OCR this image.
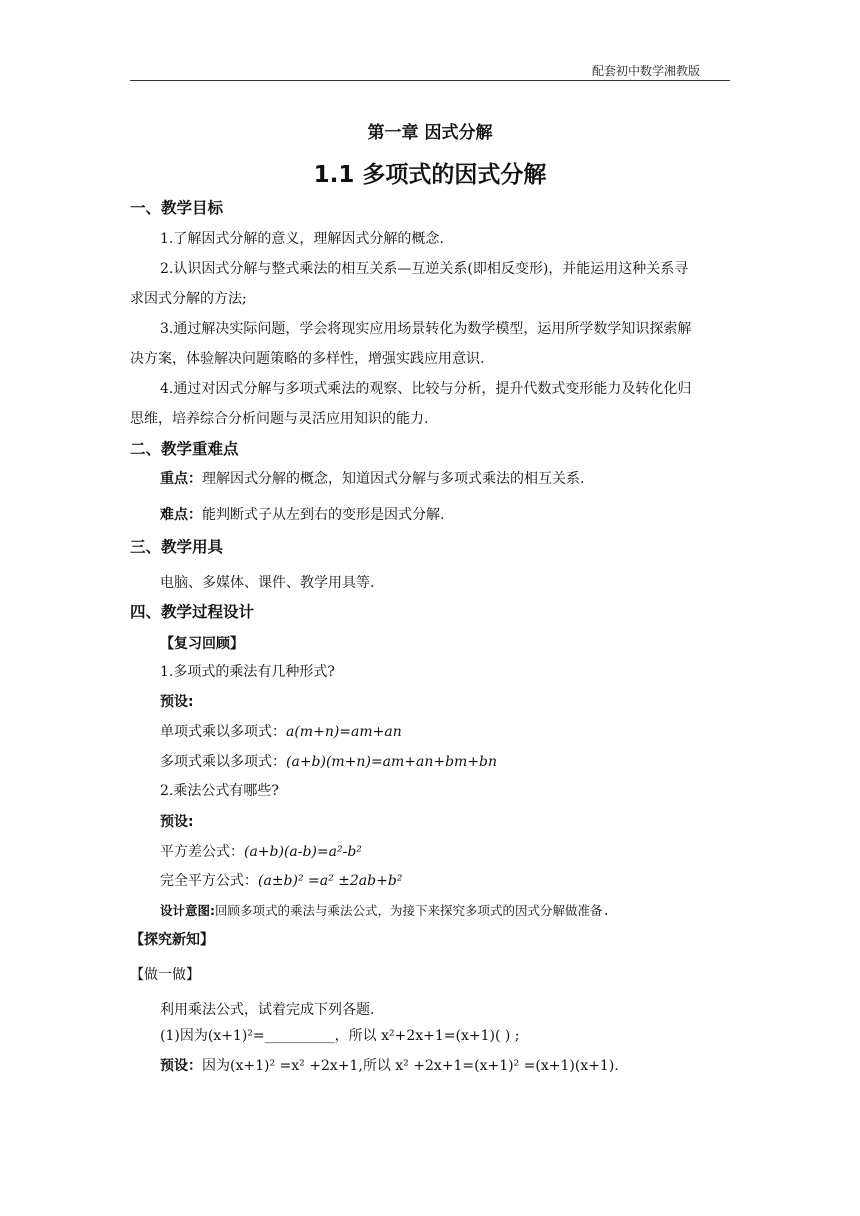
配套初中数学湘教版
第一章 因式分解
1.1 多项式的因式分解
一、教学目标
1.了解因式分解的意义，理解因式分解的概念.
2.认识因式分解与整式乘法的相互关系—互逆关系(即相反变形)，并能运用这种关系寻
求因式分解的方法;
3.通过解决实际问题，学会将现实应用场景转化为数学模型，运用所学数学知识探索解
决方案，体验解决问题策略的多样性，增强实践应用意识.
4.通过对因式分解与多项式乘法的观察、比较与分析，提升代数式变形能力及转化化归
思维，培养综合分析问题与灵活应用知识的能力.
二、教学重难点
重点：理解因式分解的概念，知道因式分解与多项式乘法的相互关系.
难点：能判断式子从左到右的变形是因式分解.
三、教学用具
电脑、多媒体、课件、教学用具等.
四、教学过程设计
【复习回顾】
1.多项式的乘法有几种形式?
预设:
单项式乘以多项式：a(m+n)=am+an
多项式乘以多项式：(a+b)(m+n)=am+an+bm+bn
2.乘法公式有哪些?
预设:
平方差公式：(a+b)(a-b)=a²-b²
完全平方公式：(a±b)² =a² ±2ab+b²
设计意图:回顾多项式的乘法与乘法公式，为接下来探究多项式的因式分解做准备.
【探究新知】
【做一做】
利用乘法公式，试着完成下列各题.
(1)因为(x+1)²=__________，所以 x²+2x+1=(x+1)( ) ;
预设：因为(x+1)² =x² +2x+1,所以 x² +2x+1=(x+1)² =(x+1)(x+1).
